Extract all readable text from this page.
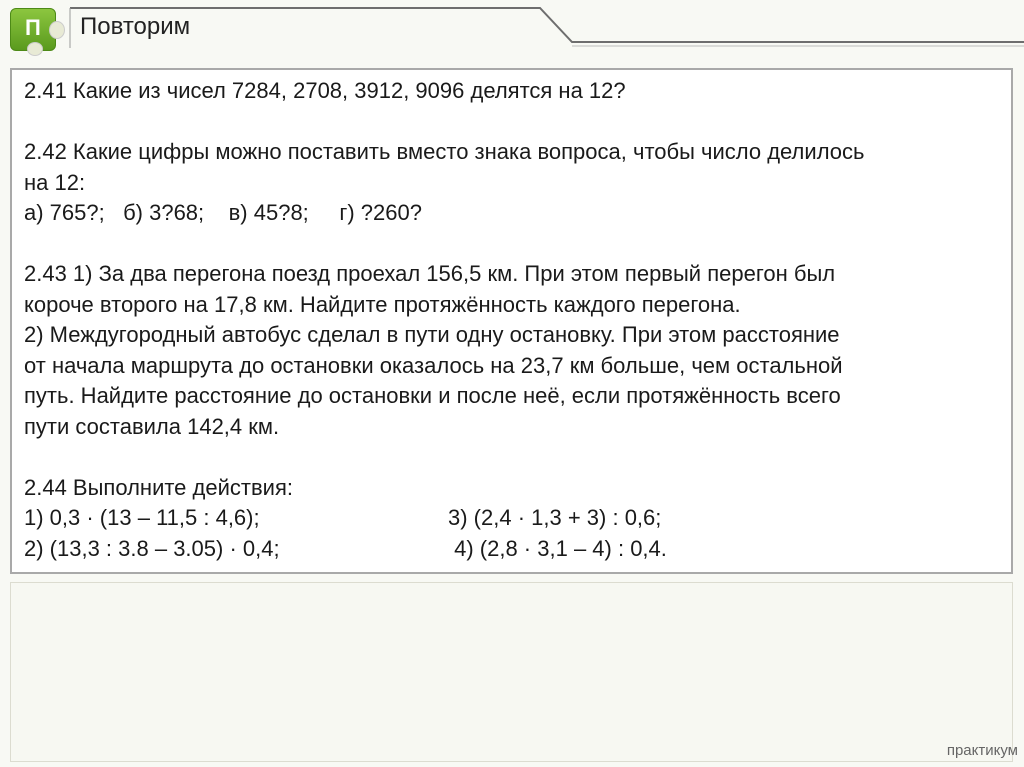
П Повторим
2.41 Какие из чисел 7284, 2708, 3912, 9096 делятся на 12?
2.42 Какие цифры можно поставить вместо знака вопроса, чтобы число делилось
на 12:
а) 765?;   б) 3?68;    в) 45?8;     г) ?260?
2.43 1) За два перегона поезд проехал 156,5 км. При этом первый перегон был
короче второго на 17,8 км. Найдите протяжённость каждого перегона.
2) Междугородный автобус сделал в пути одну остановку. При этом расстояние
от начала маршрута до остановки оказалось на 23,7 км больше, чем остальной
путь. Найдите расстояние до остановки и после неё, если протяжённость всего
пути составила 142,4 км.
2.44 Выполните действия:
1) 0,3 · (13 – 11,5 : 4,6);	3) (2,4 · 1,3 + 3) : 0,6;
2) (13,3 : 3.8 – 3.05) · 0,4;	4) (2,8 · 3,1 – 4) : 0,4.
практикум
